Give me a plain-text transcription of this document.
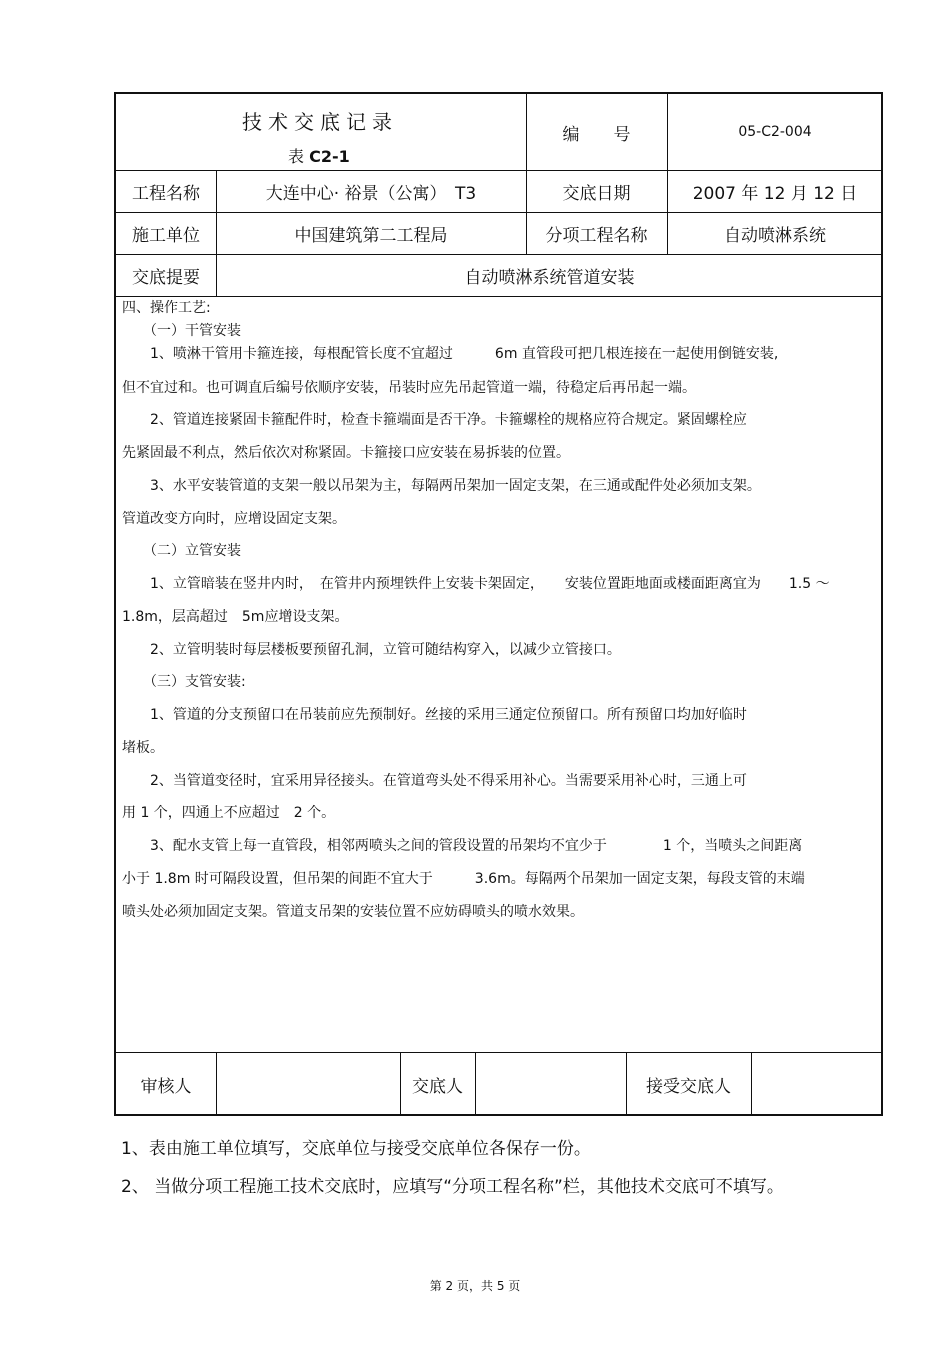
技术交底记录
表 C2-1
编　　号	05-C2-004
工程名称	大连中心· 裕景（公寓）　T3	交底日期	2007 年 12 月 12 日
施工单位	中国建筑第二工程局	分项工程名称	自动喷淋系统
交底提要	自动喷淋系统管道安装
四、操作工艺:
　　（一）干管安装
　　1、喷淋干管用卡箍连接，每根配管长度不宜超过　　　6m 直管段可把几根连接在一起使用倒链安装,
但不宜过和。也可调直后编号依顺序安装，吊装时应先吊起管道一端，待稳定后再吊起一端。
　　2、管道连接紧固卡箍配件时，检查卡箍端面是否干净。卡箍螺栓的规格应符合规定。紧固螺栓应
先紧固最不利点，然后依次对称紧固。卡箍接口应安装在易拆装的位置。
　　3、水平安装管道的支架一般以吊架为主，每隔两吊架加一固定支架，在三通或配件处必须加支架。
管道改变方向时，应增设固定支架。
　　（二）立管安装
　　1、立管暗装在竖井内时，　在管井内预埋铁件上安装卡架固定，　　安装位置距地面或楼面距离宜为　　1.5 ～
1.8m，层高超过　5m应增设支架。
　　2、立管明装时每层楼板要预留孔洞，立管可随结构穿入，以减少立管接口。
　　（三）支管安装:
　　1、管道的分支预留口在吊装前应先预制好。丝接的采用三通定位预留口。所有预留口均加好临时
堵板。
　　2、当管道变径时，宜采用异径接头。在管道弯头处不得采用补心。当需要采用补心时，三通上可
用 1 个，四通上不应超过　2 个。
　　3、配水支管上每一直管段，相邻两喷头之间的管段设置的吊架均不宜少于　　　　1 个，当喷头之间距离
小于 1.8m 时可隔段设置，但吊架的间距不宜大于　　　3.6m。每隔两个吊架加一固定支架，每段支管的末端
喷头处必须加固定支架。管道支吊架的安装位置不应妨碍喷头的喷水效果。
审核人	交底人	接受交底人
1、表由施工单位填写，交底单位与接受交底单位各保存一份。
2、 当做分项工程施工技术交底时，应填写“分项工程名称”栏，其他技术交底可不填写。
第 2 页，共 5 页
